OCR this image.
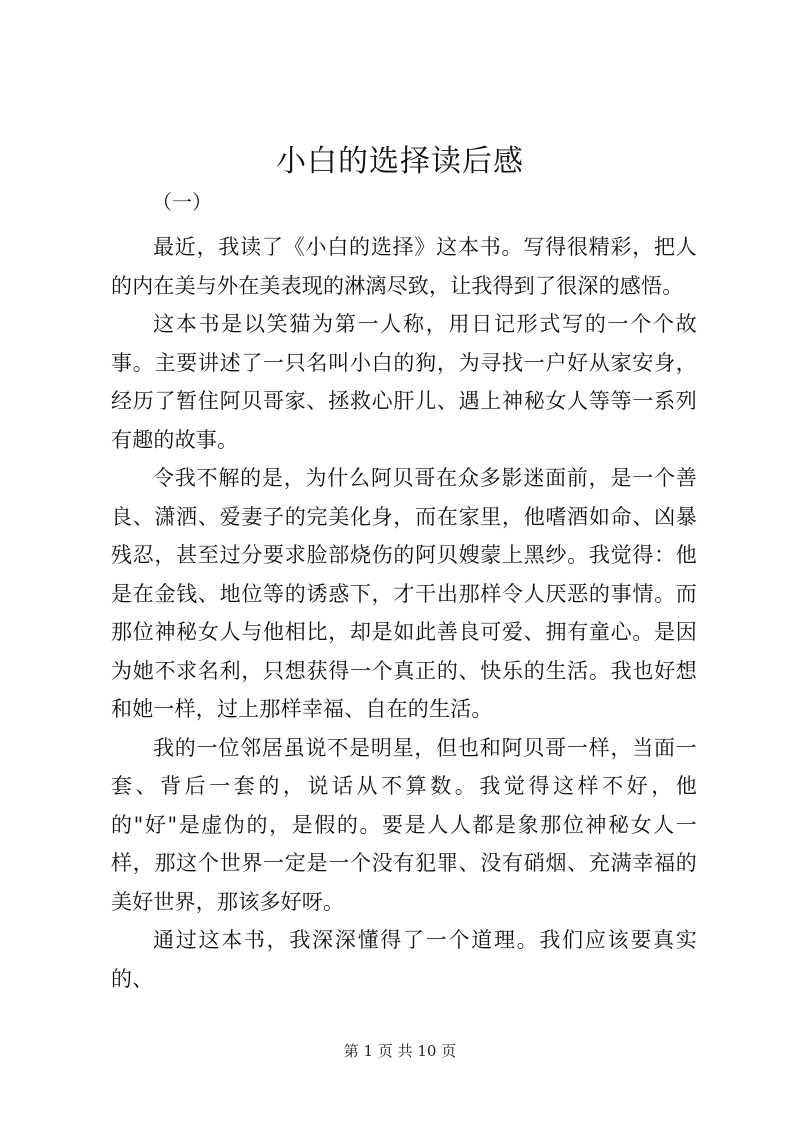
小白的选择读后感
（一）

最近，我读了《小白的选择》这本书。写得很精彩，把人的内在美与外在美表现的淋漓尽致，让我得到了很深的感悟。

这本书是以笑猫为第一人称，用日记形式写的一个个故事。主要讲述了一只名叫小白的狗，为寻找一户好从家安身，经历了暂住阿贝哥家、拯救心肝儿、遇上神秘女人等等一系列有趣的故事。

令我不解的是，为什么阿贝哥在众多影迷面前，是一个善良、潇洒、爱妻子的完美化身，而在家里，他嗜酒如命、凶暴残忍，甚至过分要求脸部烧伤的阿贝嫂蒙上黑纱。我觉得：他是在金钱、地位等的诱惑下，才干出那样令人厌恶的事情。而那位神秘女人与他相比，却是如此善良可爱、拥有童心。是因为她不求名利，只想获得一个真正的、快乐的生活。我也好想和她一样，过上那样幸福、自在的生活。

我的一位邻居虽说不是明星，但也和阿贝哥一样，当面一套、背后一套的，说话从不算数。我觉得这样不好，他的"好"是虚伪的，是假的。要是人人都是象那位神秘女人一样，那这个世界一定是一个没有犯罪、没有硝烟、充满幸福的美好世界，那该多好呀。

通过这本书，我深深懂得了一个道理。我们应该要真实的、

第 1 页 共 10 页
